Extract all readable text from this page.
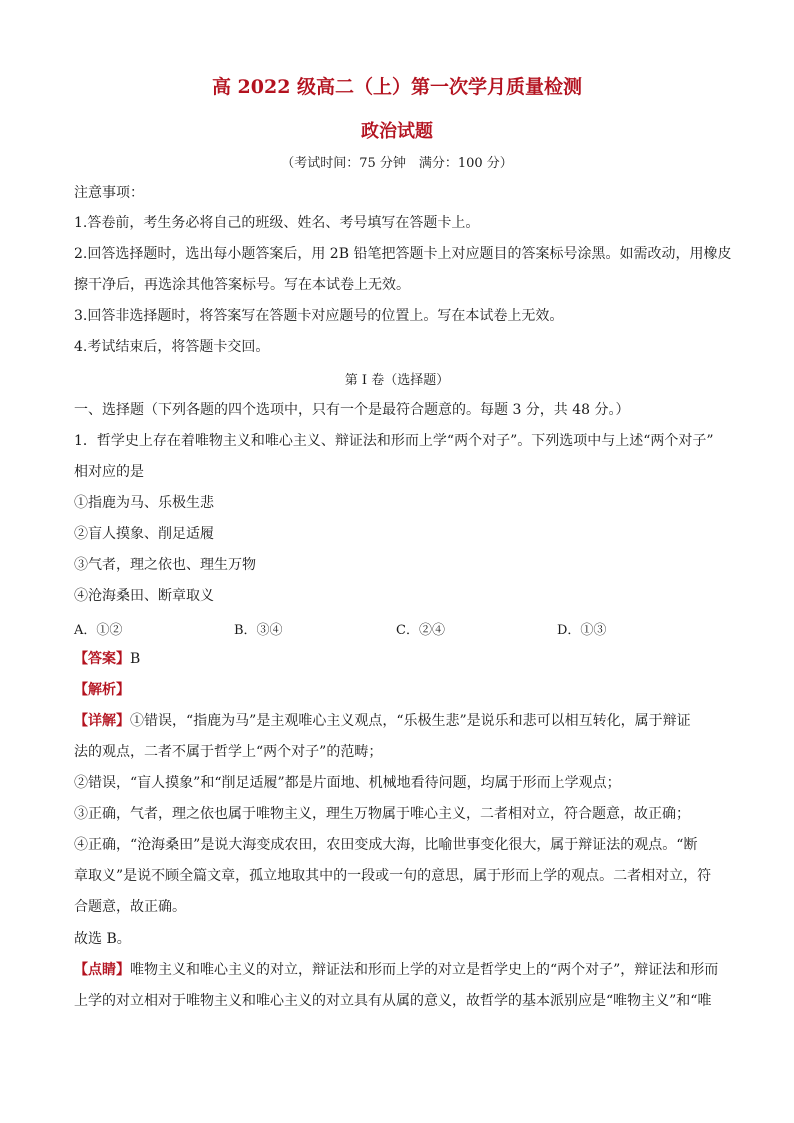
高 2022 级高二（上）第一次学月质量检测
政治试题
（考试时间：75 分钟　满分：100 分）
注意事项：
1.答卷前，考生务必将自己的班级、姓名、考号填写在答题卡上。
2.回答选择题时，选出每小题答案后，用 2B 铅笔把答题卡上对应题目的答案标号涂黑。如需改动，用橡皮
擦干净后，再选涂其他答案标号。写在本试卷上无效。
3.回答非选择题时，将答案写在答题卡对应题号的位置上。写在本试卷上无效。
4.考试结束后，将答题卡交回。
第 I 卷（选择题）
一、选择题（下列各题的四个选项中，只有一个是最符合题意的。每题 3 分，共 48 分。）
1．哲学史上存在着唯物主义和唯心主义、辩证法和形而上学“两个对子”。下列选项中与上述“两个对子”
相对应的是
①指鹿为马、乐极生悲
②盲人摸象、削足适履
③气者，理之依也、理生万物
④沧海桑田、断章取义
A．①②	B．③④	C．②④	D．①③
【答案】B
【解析】
【详解】①错误，“指鹿为马”是主观唯心主义观点，“乐极生悲”是说乐和悲可以相互转化，属于辩证
法的观点，二者不属于哲学上“两个对子”的范畴；
②错误，“盲人摸象”和“削足适履”都是片面地、机械地看待问题，均属于形而上学观点；
③正确，气者，理之依也属于唯物主义，理生万物属于唯心主义，二者相对立，符合题意，故正确；
④正确，“沧海桑田”是说大海变成农田，农田变成大海，比喻世事变化很大，属于辩证法的观点。“断
章取义”是说不顾全篇文章，孤立地取其中的一段或一句的意思，属于形而上学的观点。二者相对立，符
合题意，故正确。
故选 B。
【点睛】唯物主义和唯心主义的对立，辩证法和形而上学的对立是哲学史上的“两个对子”，辩证法和形而
上学的对立相对于唯物主义和唯心主义的对立具有从属的意义，故哲学的基本派别应是“唯物主义”和“唯
